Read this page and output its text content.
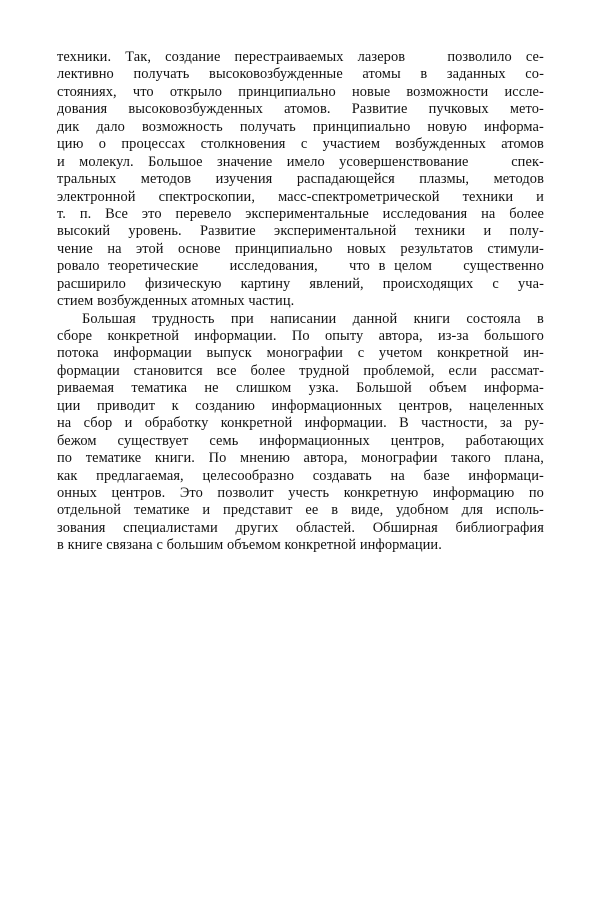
техники. Так, создание перестраиваемых лазеров	позволило се-
лективно получать высоковозбужденные атомы в заданных со-
стояниях, что открыло принципиально новые возможности иссле-
дования высоковозбужденных атомов. Развитие пучковых мето-
дик дало возможность получать принципиально новую информа-
цию о процессах столкновения с участием возбужденных атомов
и молекул. Большое значение имело усовершенствование	спек-
тральных методов изучения распадающейся плазмы, методов
электронной спектроскопии, масс-спектрометрической техники и
т. п. Все это перевело экспериментальные исследования на более
высокий уровень. Развитие экспериментальной техники и полу-
чение на этой основе принципиально новых результатов стимули-
ровало теоретические исследования, что в целом существенно
расширило физическую картину явлений, происходящих с уча-
стием возбужденных атомных частиц.
Большая трудность при написании данной книги состояла в
сборе конкретной информации. По опыту автора, из-за большого
потока информации выпуск монографии с учетом конкретной ин-
формации становится все более трудной проблемой, если рассмат-
риваемая тематика не слишком узка. Большой объем информа-
ции приводит к созданию информационных центров, нацеленных
на сбор и обработку конкретной информации. В частности, за ру-
бежом существует семь информационных центров, работающих
по тематике книги. По мнению автора, монографии такого плана,
как предлагаемая, целесообразно создавать на базе информаци-
онных центров. Это позволит учесть конкретную информацию по
отдельной тематике и представит ее в виде, удобном для исполь-
зования специалистами других областей. Обширная библиография
в книге связана с большим объемом конкретной информации.
